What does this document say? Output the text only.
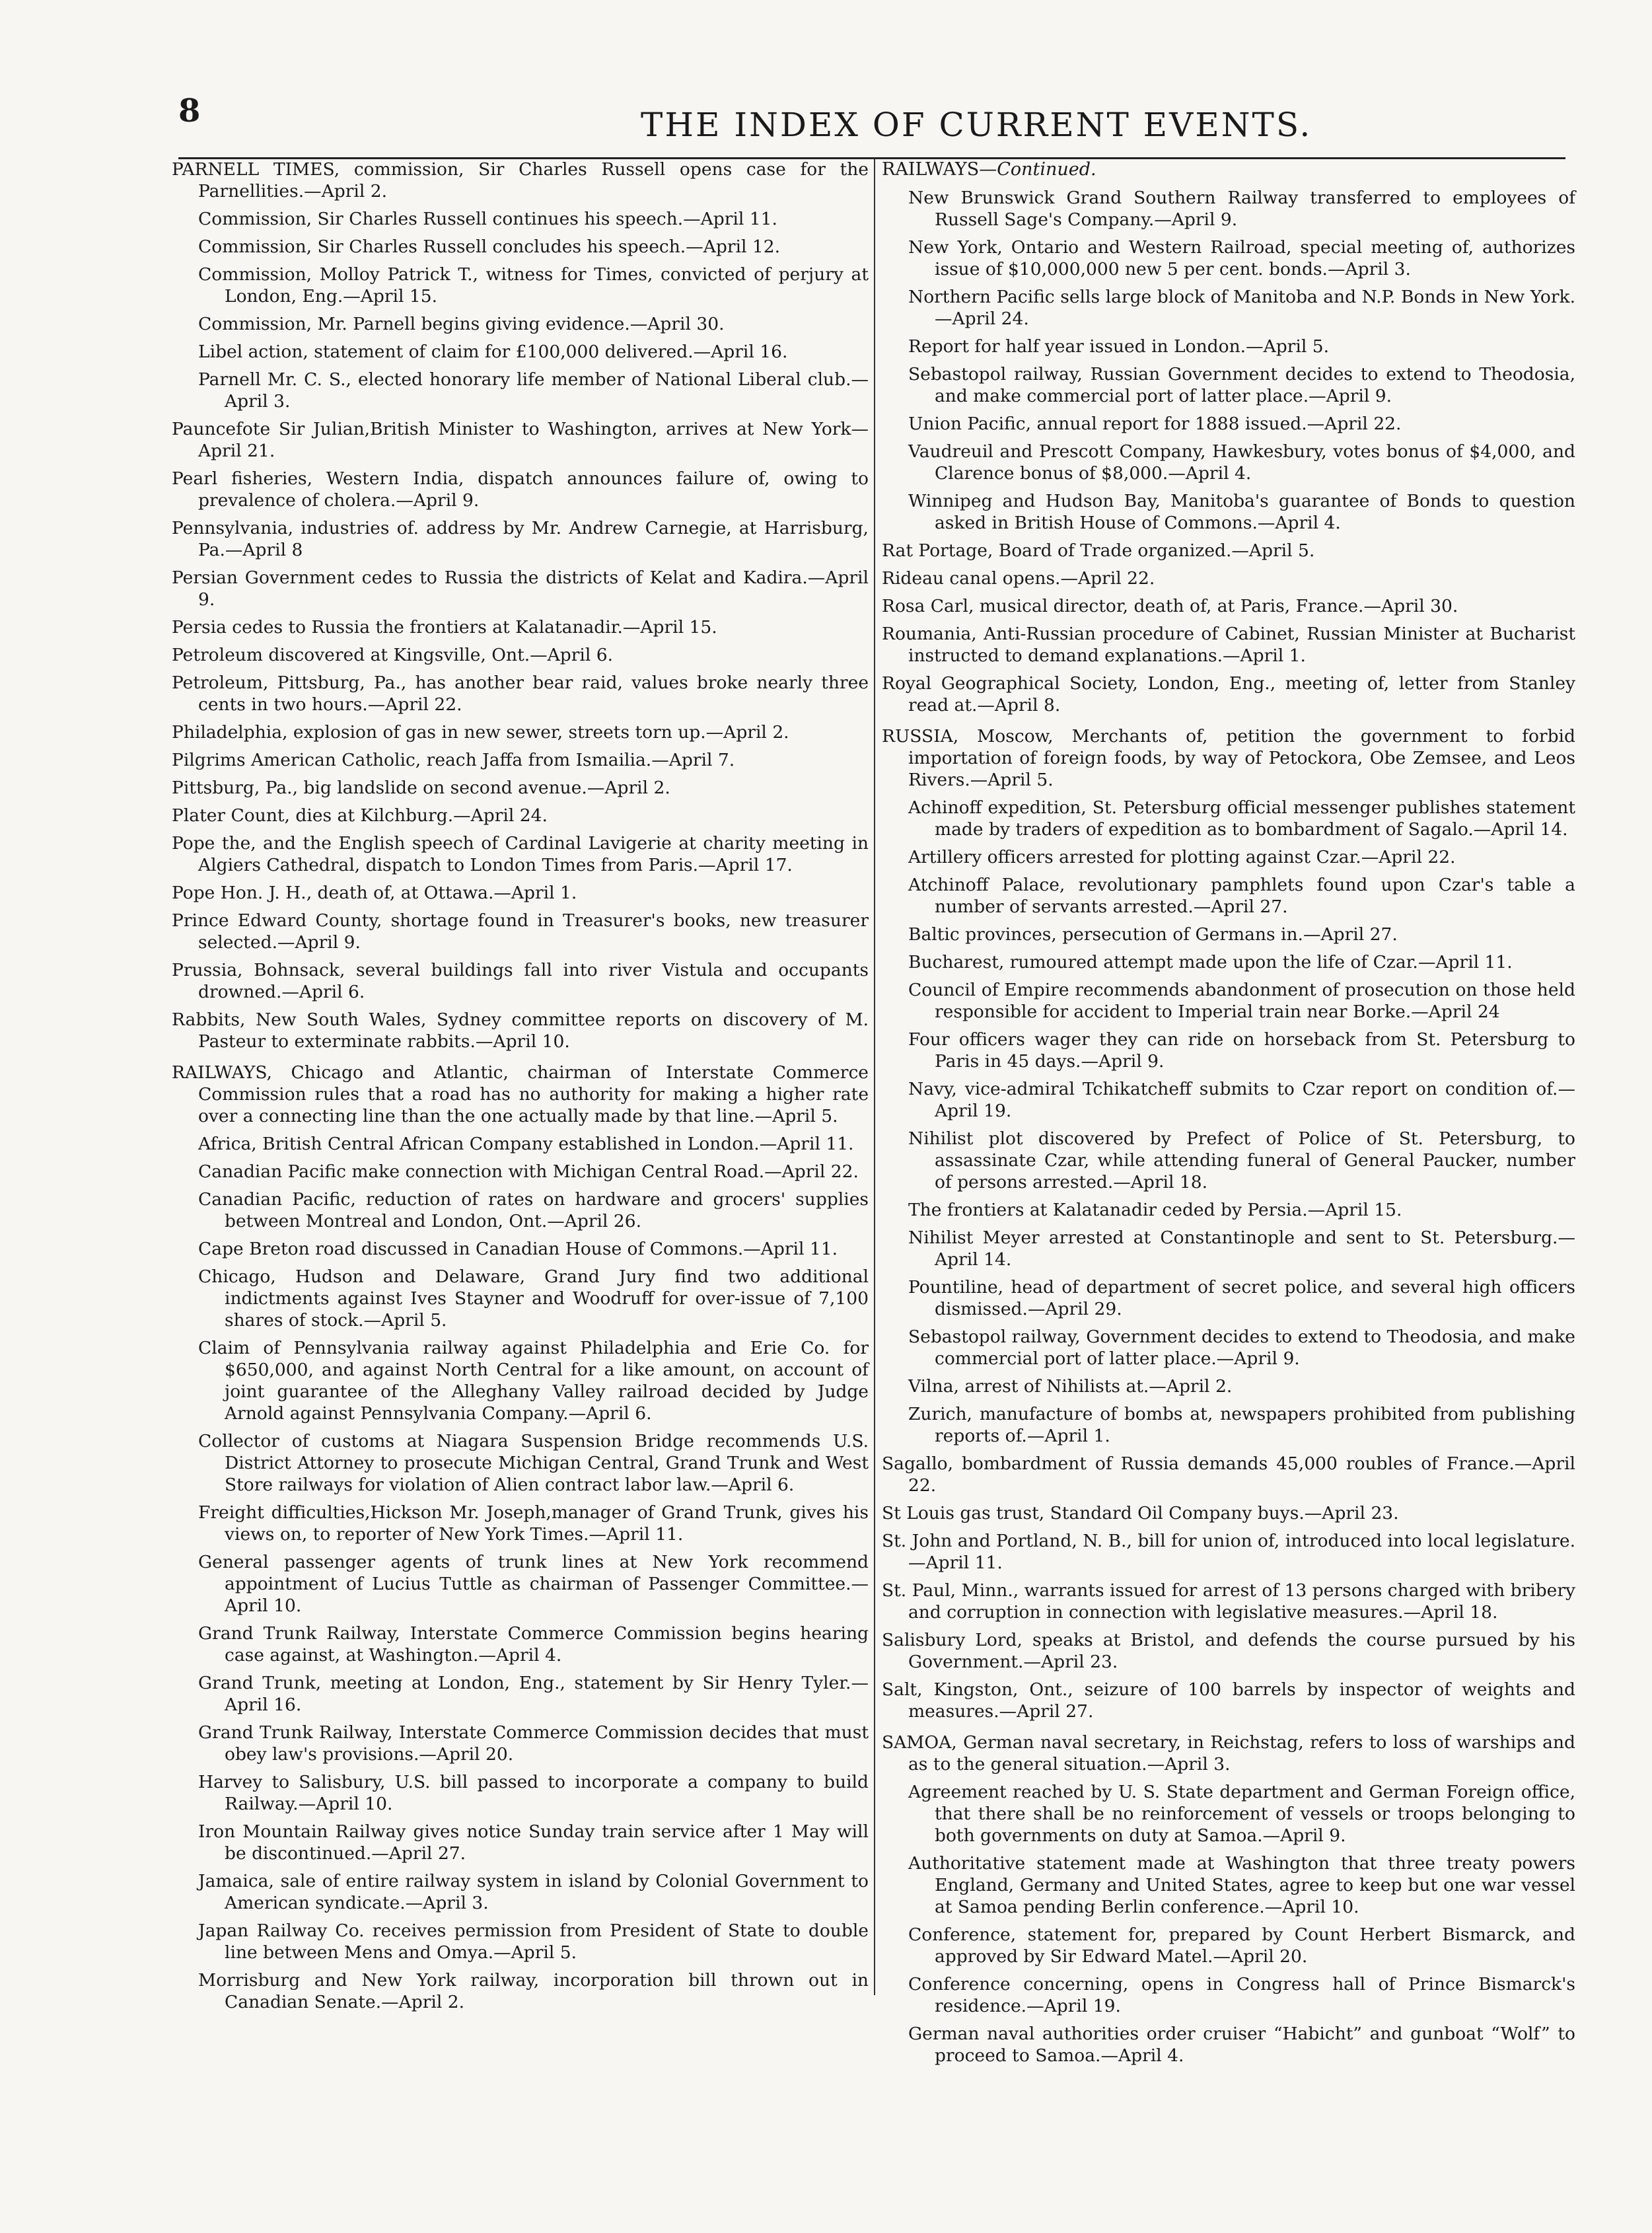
8	THE INDEX OF CURRENT EVENTS.

PARNELL TIMES, commission, Sir Charles Russell opens case for the Parnellities.—April 2.

Commission, Sir Charles Russell continues his speech.—April 11.

Commission, Sir Charles Russell concludes his speech.—April 12.

Commission, Molloy Patrick T., witness for Times, convicted of perjury at London, Eng.—April 15.

Commission, Mr. Parnell begins giving evidence.—April 30.

Libel action, statement of claim for £100,000 delivered.—April 16.

Parnell Mr. C. S., elected honorary life member of National Liberal club.—April 3.

Pauncefote Sir Julian,British Minister to Washington, arrives at New York—April 21.

Pearl fisheries, Western India, dispatch announces failure of, owing to prevalence of cholera.—April 9.

Pennsylvania, industries of. address by Mr. Andrew Carnegie, at Harrisburg, Pa.—April 8

Persian Government cedes to Russia the districts of Kelat and Kadira.—April 9.

Persia cedes to Russia the frontiers at Kalatanadir.—April 15.

Petroleum discovered at Kingsville, Ont.—April 6.

Petroleum, Pittsburg, Pa., has another bear raid, values broke nearly three cents in two hours.—April 22.

Philadelphia, explosion of gas in new sewer, streets torn up.—April 2.

Pilgrims American Catholic, reach Jaffa from Ismailia.—April 7.

Pittsburg, Pa., big landslide on second avenue.—April 2.

Plater Count, dies at Kilchburg.—April 24.

Pope the, and the English speech of Cardinal Lavigerie at charity meeting in Algiers Cathedral, dispatch to London Times from Paris.—April 17.

Pope Hon. J. H., death of, at Ottawa.—April 1.

Prince Edward County, shortage found in Treasurer's books, new treasurer selected.—April 9.

Prussia, Bohnsack, several buildings fall into river Vistula and occupants drowned.—April 6.

Rabbits, New South Wales, Sydney committee reports on discovery of M. Pasteur to exterminate rabbits.—April 10.

RAILWAYS, Chicago and Atlantic, chairman of Interstate Commerce Commission rules that a road has no authority for making a higher rate over a connecting line than the one actually made by that line.—April 5.

Africa, British Central African Company established in London.—April 11.

Canadian Pacific make connection with Michigan Central Road.—April 22.

Canadian Pacific, reduction of rates on hardware and grocers' supplies between Montreal and London, Ont.—April 26.

Cape Breton road discussed in Canadian House of Commons.—April 11.

Chicago, Hudson and Delaware, Grand Jury find two additional indictments against Ives Stayner and Woodruff for over-issue of 7,100 shares of stock.—April 5.

Claim of Pennsylvania railway against Philadelphia and Erie Co. for $650,000, and against North Central for a like amount, on account of joint guarantee of the Alleghany Valley railroad decided by Judge Arnold against Pennsylvania Company.—April 6.

Collector of customs at Niagara Suspension Bridge recommends U.S. District Attorney to prosecute Michigan Central, Grand Trunk and West Store railways for violation of Alien contract labor law.—April 6.

Freight difficulties,Hickson Mr. Joseph,manager of Grand Trunk, gives his views on, to reporter of New York Times.—April 11.

General passenger agents of trunk lines at New York recommend appointment of Lucius Tuttle as chairman of Passenger Committee.—April 10.

Grand Trunk Railway, Interstate Commerce Commission begins hearing case against, at Washington.—April 4.

Grand Trunk, meeting at London, Eng., statement by Sir Henry Tyler.—April 16.

Grand Trunk Railway, Interstate Commerce Commission decides that must obey law's provisions.—April 20.

Harvey to Salisbury, U.S. bill passed to incorporate a company to build Railway.—April 10.

Iron Mountain Railway gives notice Sunday train service after 1 May will be discontinued.—April 27.

Jamaica, sale of entire railway system in island by Colonial Government to American syndicate.—April 3.

Japan Railway Co. receives permission from President of State to double line between Mens and Omya.—April 5.

Morrisburg and New York railway, incorporation bill thrown out in Canadian Senate.—April 2.

RAILWAYS—Continued.

New Brunswick Grand Southern Railway transferred to employees of Russell Sage's Company.—April 9.

New York, Ontario and Western Railroad, special meeting of, authorizes issue of $10,000,000 new 5 per cent. bonds.—April 3.

Northern Pacific sells large block of Manitoba and N.P. Bonds in New York.—April 24.

Report for half year issued in London.—April 5.

Sebastopol railway, Russian Government decides to extend to Theodosia, and make commercial port of latter place.—April 9.

Union Pacific, annual report for 1888 issued.—April 22.

Vaudreuil and Prescott Company, Hawkesbury, votes bonus of $4,000, and Clarence bonus of $8,000.—April 4.

Winnipeg and Hudson Bay, Manitoba's guarantee of Bonds to question asked in British House of Commons.—April 4.

Rat Portage, Board of Trade organized.—April 5.

Rideau canal opens.—April 22.

Rosa Carl, musical director, death of, at Paris, France.—April 30.

Roumania, Anti-Russian procedure of Cabinet, Russian Minister at Bucharist instructed to demand explanations.—April 1.

Royal Geographical Society, London, Eng., meeting of, letter from Stanley read at.—April 8.

RUSSIA, Moscow, Merchants of, petition the government to forbid importation of foreign foods, by way of Petockora, Obe Zemsee, and Leos Rivers.—April 5.

Achinoff expedition, St. Petersburg official messenger publishes statement made by traders of expedition as to bombardment of Sagalo.—April 14.

Artillery officers arrested for plotting against Czar.—April 22.

Atchinoff Palace, revolutionary pamphlets found upon Czar's table a number of servants arrested.—April 27.

Baltic provinces, persecution of Germans in.—April 27.

Bucharest, rumoured attempt made upon the life of Czar.—April 11.

Council of Empire recommends abandonment of prosecution on those held responsible for accident to Imperial train near Borke.—April 24

Four officers wager they can ride on horseback from St. Petersburg to Paris in 45 days.—April 9.

Navy, vice-admiral Tchikatcheff submits to Czar report on condition of.—April 19.

Nihilist plot discovered by Prefect of Police of St. Petersburg, to assassinate Czar, while attending funeral of General Paucker, number of persons arrested.—April 18.

The frontiers at Kalatanadir ceded by Persia.—April 15.

Nihilist Meyer arrested at Constantinople and sent to St. Petersburg.—April 14.

Pountiline, head of department of secret police, and several high officers dismissed.—April 29.

Sebastopol railway, Government decides to extend to Theodosia, and make commercial port of latter place.—April 9.

Vilna, arrest of Nihilists at.—April 2.

Zurich, manufacture of bombs at, newspapers prohibited from publishing reports of.—April 1.

Sagallo, bombardment of Russia demands 45,000 roubles of France.—April 22.

St Louis gas trust, Standard Oil Company buys.—April 23.

St. John and Portland, N. B., bill for union of, introduced into local legislature.—April 11.

St. Paul, Minn., warrants issued for arrest of 13 persons charged with bribery and corruption in connection with legislative measures.—April 18.

Salisbury Lord, speaks at Bristol, and defends the course pursued by his Government.—April 23.

Salt, Kingston, Ont., seizure of 100 barrels by inspector of weights and measures.—April 27.

SAMOA, German naval secretary, in Reichstag, refers to loss of warships and as to the general situation.—April 3.

Agreement reached by U. S. State department and German Foreign office, that there shall be no reinforcement of vessels or troops belonging to both governments on duty at Samoa.—April 9.

Authoritative statement made at Washington that three treaty powers England, Germany and United States, agree to keep but one war vessel at Samoa pending Berlin conference.—April 10.

Conference, statement for, prepared by Count Herbert Bismarck, and approved by Sir Edward Matel.—April 20.

Conference concerning, opens in Congress hall of Prince Bismarck's residence.—April 19.

German naval authorities order cruiser “Habicht” and gunboat “Wolf” to proceed to Samoa.—April 4.
